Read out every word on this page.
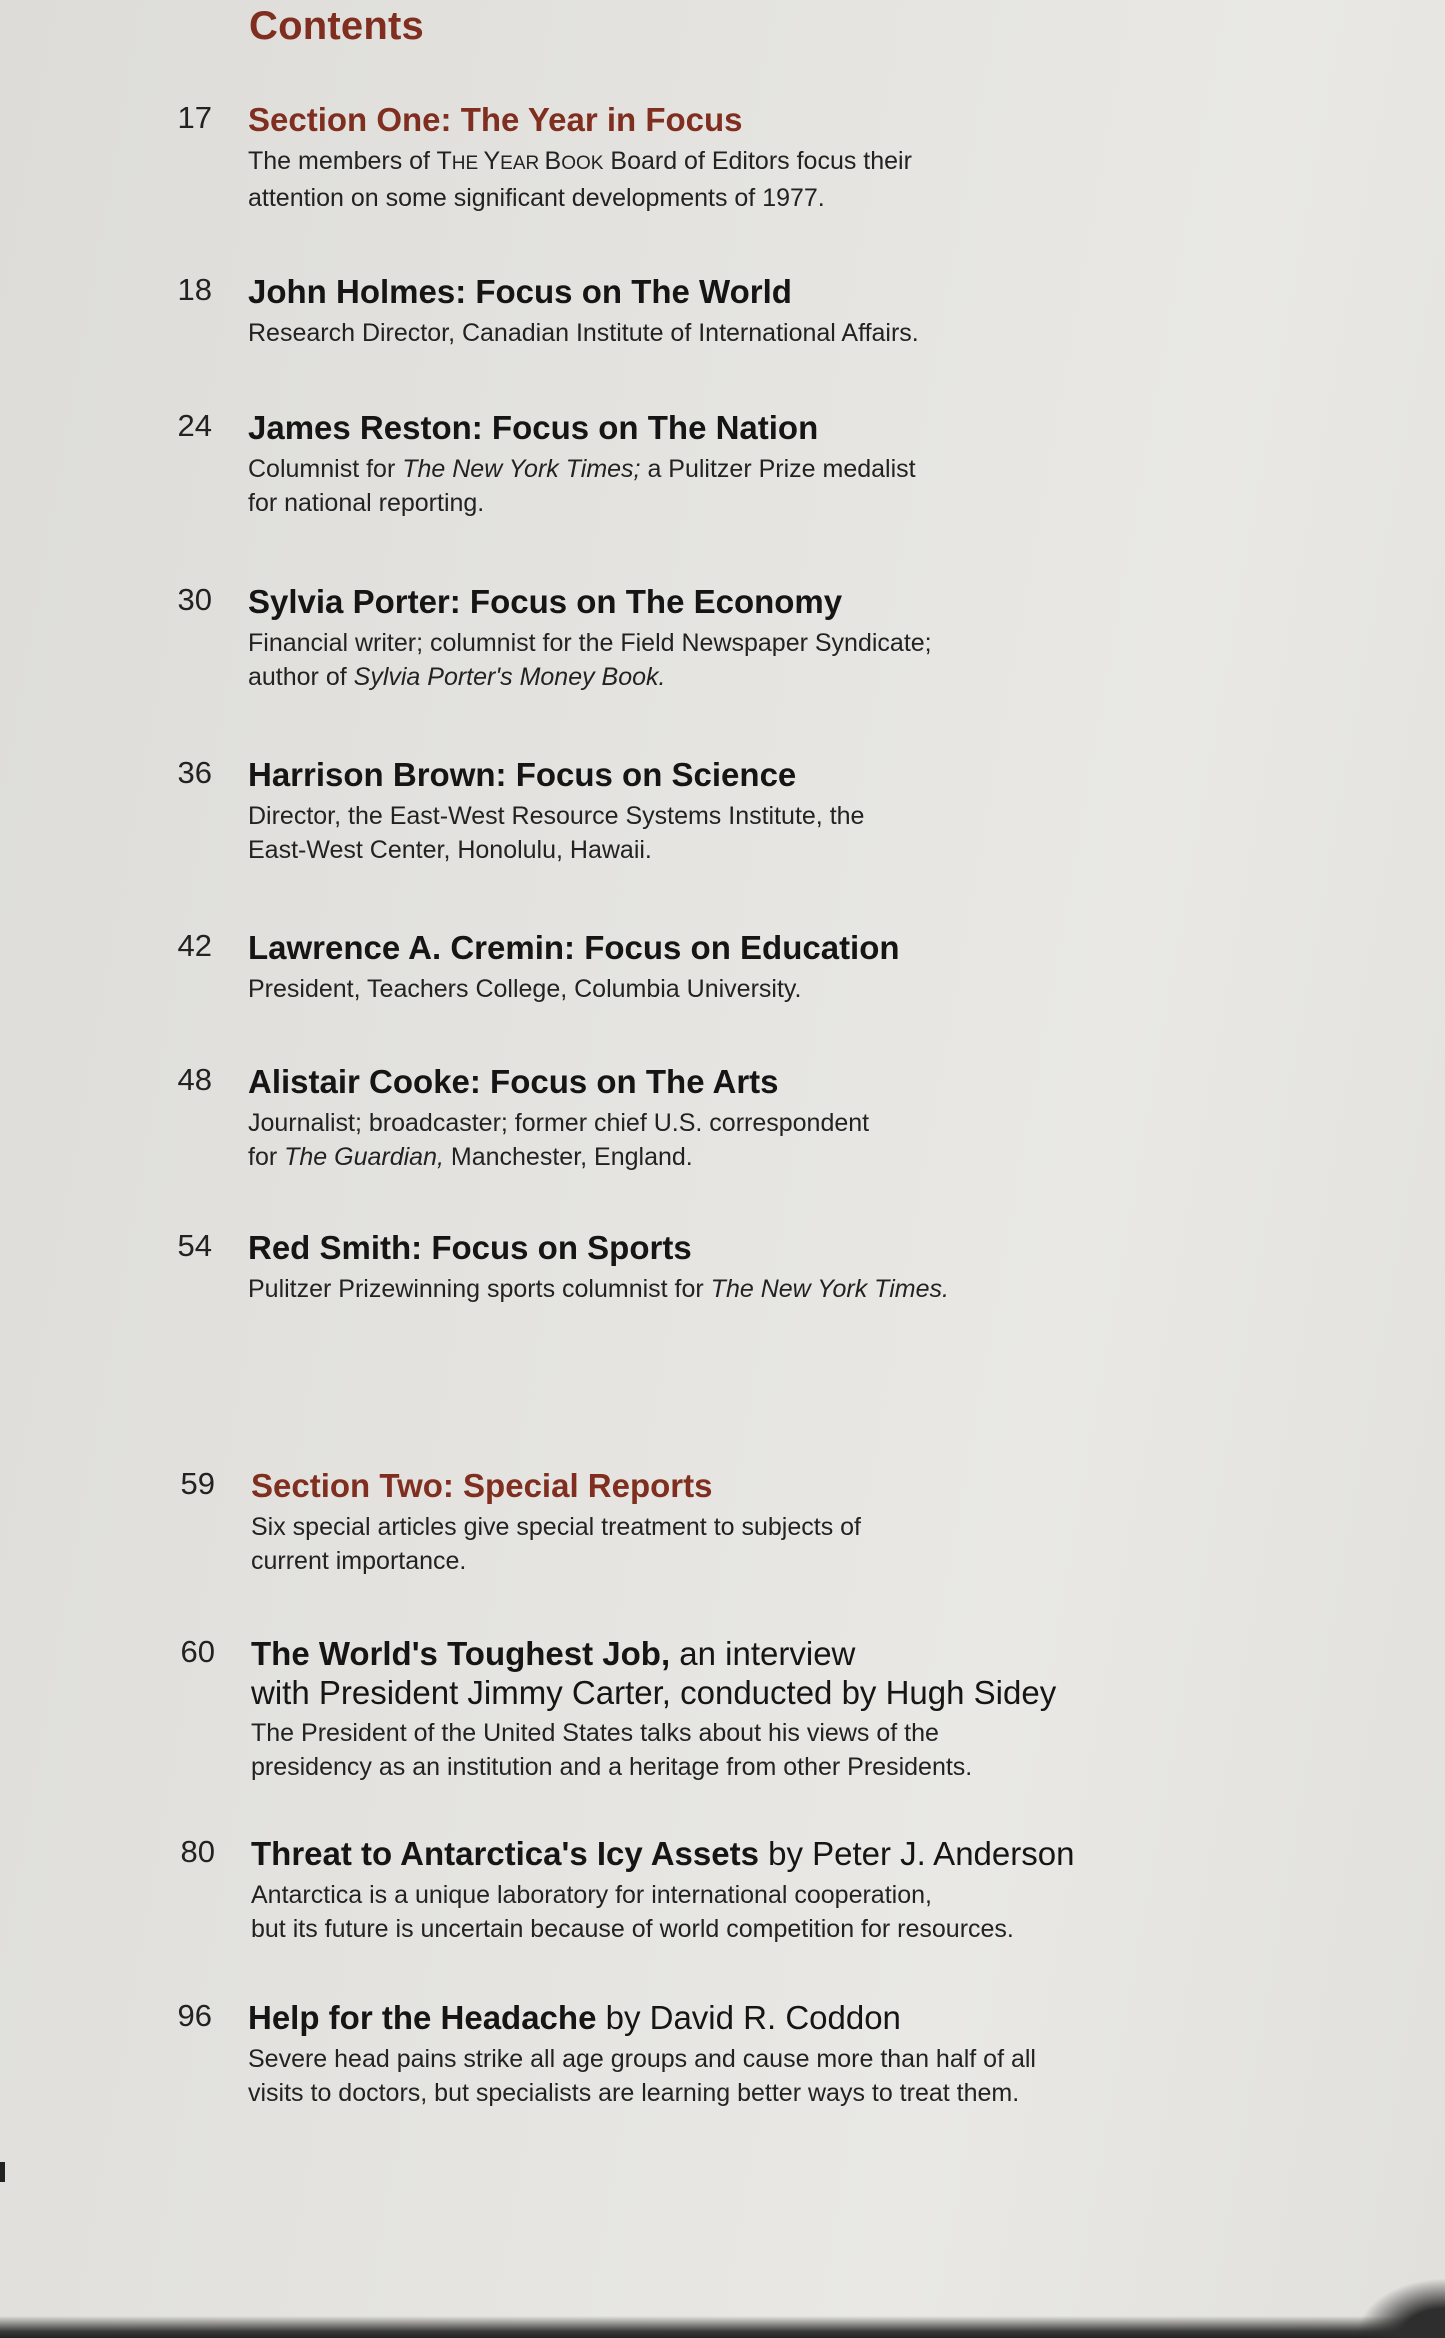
Contents
17 Section One: The Year in Focus
The members of THE YEAR BOOK Board of Editors focus their
attention on some significant developments of 1977.
18 John Holmes: Focus on The World
Research Director, Canadian Institute of International Affairs.
24 James Reston: Focus on The Nation
Columnist for The New York Times; a Pulitzer Prize medalist
for national reporting.
30 Sylvia Porter: Focus on The Economy
Financial writer; columnist for the Field Newspaper Syndicate;
author of Sylvia Porter's Money Book.
36 Harrison Brown: Focus on Science
Director, the East-West Resource Systems Institute, the
East-West Center, Honolulu, Hawaii.
42 Lawrence A. Cremin: Focus on Education
President, Teachers College, Columbia University.
48 Alistair Cooke: Focus on The Arts
Journalist; broadcaster; former chief U.S. correspondent
for The Guardian, Manchester, England.
54 Red Smith: Focus on Sports
Pulitzer Prizewinning sports columnist for The New York Times.
59 Section Two: Special Reports
Six special articles give special treatment to subjects of
current importance.
60 The World's Toughest Job, an interview
with President Jimmy Carter, conducted by Hugh Sidey
The President of the United States talks about his views of the
presidency as an institution and a heritage from other Presidents.
80 Threat to Antarctica's Icy Assets by Peter J. Anderson
Antarctica is a unique laboratory for international cooperation,
but its future is uncertain because of world competition for resources.
96 Help for the Headache by David R. Coddon
Severe head pains strike all age groups and cause more than half of all
visits to doctors, but specialists are learning better ways to treat them.
